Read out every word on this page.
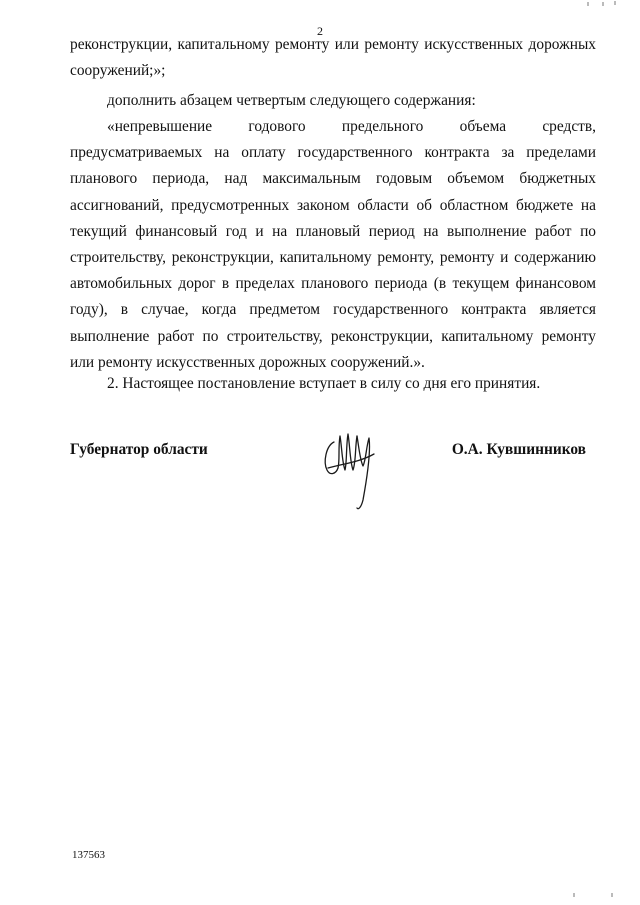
2

реконструкции, капитальному ремонту или ремонту искусственных дорожных сооружений;»;

дополнить абзацем четвертым следующего содержания:

«непревышение годового предельного объема средств, предусматриваемых на оплату государственного контракта за пределами планового периода, над максимальным годовым объемом бюджетных ассигнований, предусмотренных законом области об областном бюджете на текущий финансовый год и на плановый период на выполнение работ по строительству, реконструкции, капитальному ремонту, ремонту и содержанию автомобильных дорог в пределах планового периода (в текущем финансовом году), в случае, когда предметом государственного контракта является выполнение работ по строительству, реконструкции, капитальному ремонту или ремонту искусственных дорожных сооружений.».

2. Настоящее постановление вступает в силу со дня его принятия.

Губернатор области	О.А. Кувшинников
137563
